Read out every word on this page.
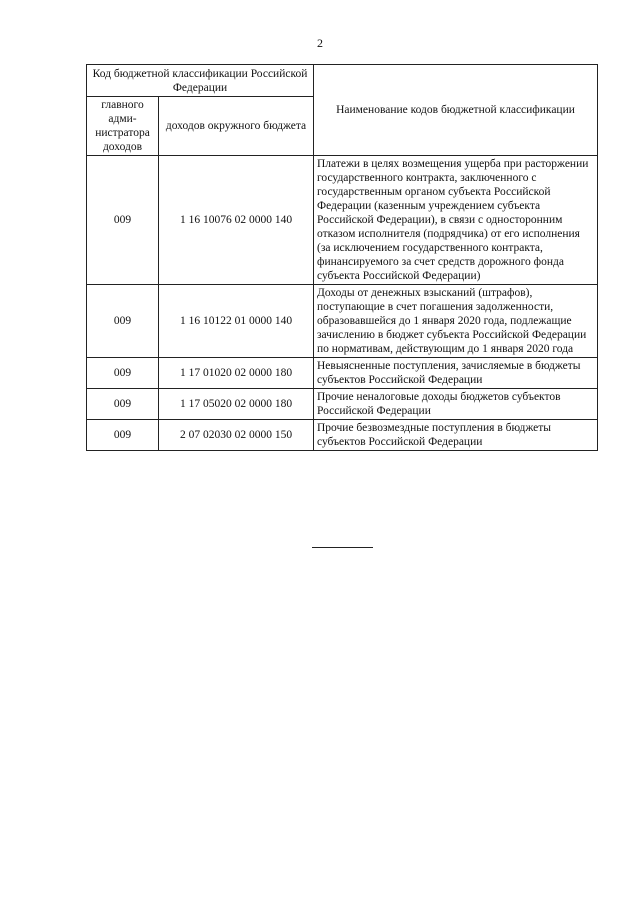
2
Код бюджетной классификации Российской Федерации		Наименование кодов бюджетной классификации
главного адми-нистратора доходов	доходов окружного бюджета	
009	1 16 10076 02 0000 140	Платежи в целях возмещения ущерба при расторжении государственного контракта, заключенного с государственным органом субъекта Российской Федерации (казенным учреждением субъекта Российской Федерации), в связи с односторонним отказом исполнителя (подрядчика) от его исполнения (за исключением государственного контракта, финансируемого за счет средств дорожного фонда субъекта Российской Федерации)
009	1 16 10122 01 0000 140	Доходы от денежных взысканий (штрафов), поступающие в счет погашения задолженности, образовавшейся до 1 января 2020 года, подлежащие зачислению в бюджет субъекта Российской Федерации по нормативам, действующим до 1 января 2020 года
009	1 17 01020 02 0000 180	Невыясненные поступления, зачисляемые в бюджеты субъектов Российской Федерации
009	1 17 05020 02 0000 180	Прочие неналоговые доходы бюджетов субъектов Российской Федерации
009	2 07 02030 02 0000 150	Прочие безвозмездные поступления в бюджеты субъектов Российской Федерации
